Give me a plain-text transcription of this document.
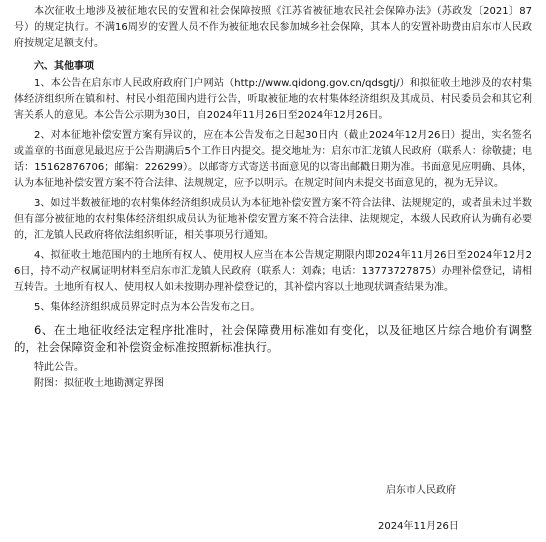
本次征收土地涉及被征地农民的安置和社会保障按照《江苏省被征地农民社会保障办法》（苏政发〔2021〕87号）的规定执行。不满16周岁的安置人员不作为被征地农民参加城乡社会保障，其本人的安置补助费由启东市人民政府按规定足额支付。

六、其他事项

1、本公告在启东市人民政府政府门户网站（http://www.qidong.gov.cn/qdsgtj/）和拟征收土地涉及的农村集体经济组织所在镇和村、村民小组范围内进行公告，听取被征地的农村集体经济组织及其成员、村民委员会和其它利害关系人的意见。本公告公示期为30日，自2024年11月26日至2024年12月26日。

2、对本征地补偿安置方案有异议的，应在本公告发布之日起30日内（截止2024年12月26日）提出，实名签名或盖章的书面意见最迟应于公告期满后5个工作日内提交。提交地址为：启东市汇龙镇人民政府（联系人：徐敬捷；电话：15162876706；邮编：226299）。以邮寄方式寄送书面意见的以寄出邮戳日期为准。书面意见应明确、具体，认为本征地补偿安置方案不符合法律、法规规定，应予以明示。在规定时间内未提交书面意见的，视为无异议。

3、如过半数被征地的农村集体经济组织成员认为本征地补偿安置方案不符合法律、法规规定的，或者虽未过半数但有部分被征地的农村集体经济组织成员认为征地补偿安置方案不符合法律、法规规定，本级人民政府认为确有必要的，汇龙镇人民政府将依法组织听证，相关事项另行通知。

4、拟征收土地范围内的土地所有权人、使用权人应当在本公告规定期限内即2024年11月26日至2024年12月26日，持不动产权属证明材料至启东市汇龙镇人民政府（联系人：刘森；电话：13773727875）办理补偿登记，请相互转告。土地所有权人、使用权人如未按期办理补偿登记的，其补偿内容以土地现状调查结果为准。

5、集体经济组织成员界定时点为本公告发布之日。

6、在土地征收经法定程序批准时，社会保障费用标准如有变化，以及征地区片综合地价有调整的，社会保障资金和补偿资金标准按照新标准执行。

特此公告。

附图：拟征收土地勘测定界图

启东市人民政府

2024年11月26日
